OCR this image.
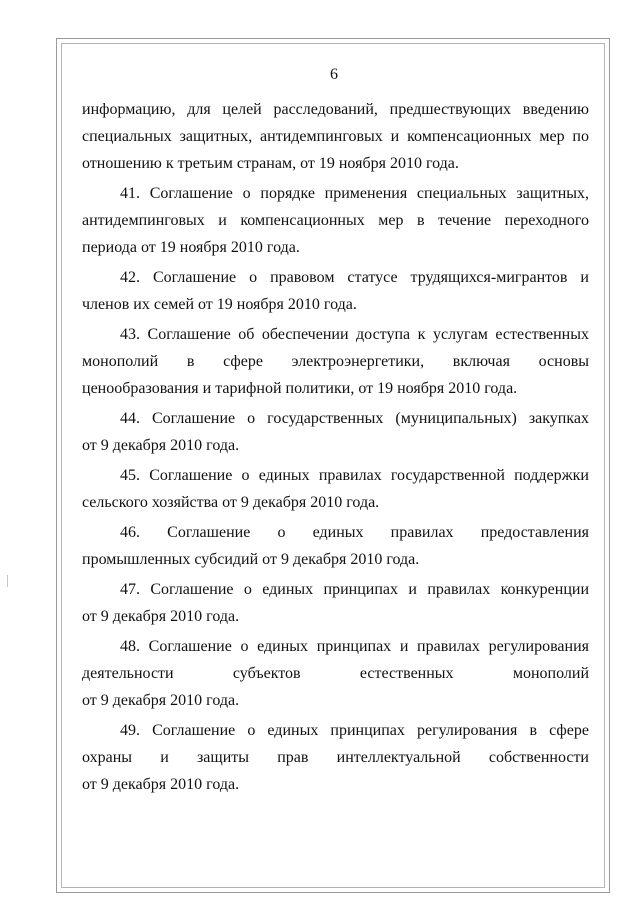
6
информацию, для целей расследований, предшествующих введению
специальных защитных, антидемпинговых и компенсационных мер по
отношению к третьим странам, от 19 ноября 2010 года.
41. Соглашение о порядке применения специальных защитных,
антидемпинговых и компенсационных мер в течение переходного
периода от 19 ноября 2010 года.
42. Соглашение о правовом статусе трудящихся-мигрантов и
членов их семей от 19 ноября 2010 года.
43. Соглашение об обеспечении доступа к услугам естественных
монополий в сфере электроэнергетики, включая основы
ценообразования и тарифной политики, от 19 ноября 2010 года.
44. Соглашение о государственных (муниципальных) закупках
от 9 декабря 2010 года.
45. Соглашение о единых правилах государственной поддержки
сельского хозяйства от 9 декабря 2010 года.
46. Соглашение о единых правилах предоставления
промышленных субсидий от 9 декабря 2010 года.
47. Соглашение о единых принципах и правилах конкуренции
от 9 декабря 2010 года.
48. Соглашение о единых принципах и правилах регулирования
деятельности субъектов естественных монополий
от 9 декабря 2010 года.
49. Соглашение о единых принципах регулирования в сфере
охраны и защиты прав интеллектуальной собственности
от 9 декабря 2010 года.
